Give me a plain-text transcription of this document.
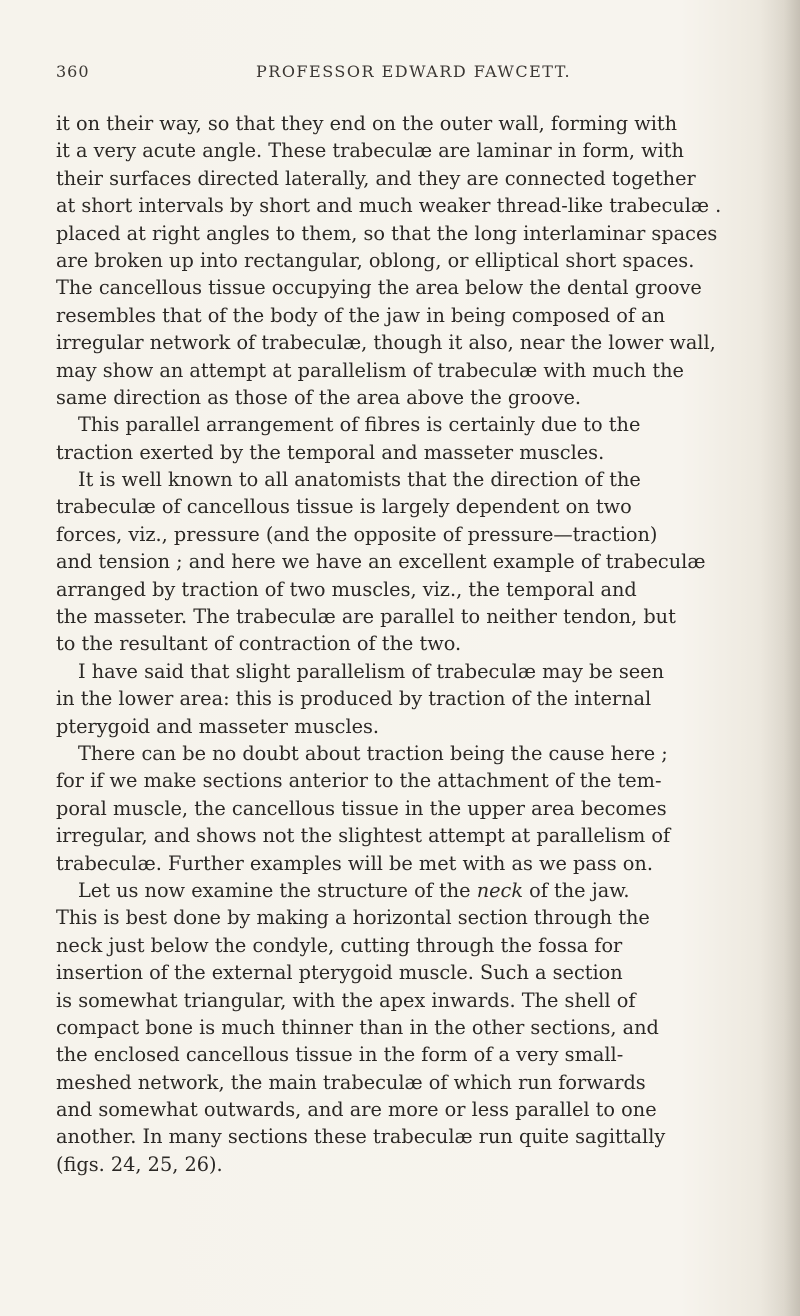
360	PROFESSOR EDWARD FAWCETT.
it on their way, so that they end on the outer wall, forming with
it a very acute angle. These trabeculæ are laminar in form, with
their surfaces directed laterally, and they are connected together
at short intervals by short and much weaker thread-like trabeculæ .
placed at right angles to them, so that the long interlaminar spaces
are broken up into rectangular, oblong, or elliptical short spaces.
The cancellous tissue occupying the area below the dental groove
resembles that of the body of the jaw in being composed of an
irregular network of trabeculæ, though it also, near the lower wall,
may show an attempt at parallelism of trabeculæ with much the
same direction as those of the area above the groove.
This parallel arrangement of fibres is certainly due to the
traction exerted by the temporal and masseter muscles.
It is well known to all anatomists that the direction of the
trabeculæ of cancellous tissue is largely dependent on two
forces, viz., pressure (and the opposite of pressure—traction)
and tension ; and here we have an excellent example of trabeculæ
arranged by traction of two muscles, viz., the temporal and
the masseter. The trabeculæ are parallel to neither tendon, but
to the resultant of contraction of the two.
I have said that slight parallelism of trabeculæ may be seen
in the lower area: this is produced by traction of the internal
pterygoid and masseter muscles.
There can be no doubt about traction being the cause here ;
for if we make sections anterior to the attachment of the tem-
poral muscle, the cancellous tissue in the upper area becomes
irregular, and shows not the slightest attempt at parallelism of
trabeculæ. Further examples will be met with as we pass on.
Let us now examine the structure of the neck of the jaw.
This is best done by making a horizontal section through the
neck just below the condyle, cutting through the fossa for
insertion of the external pterygoid muscle. Such a section
is somewhat triangular, with the apex inwards. The shell of
compact bone is much thinner than in the other sections, and
the enclosed cancellous tissue in the form of a very small-
meshed network, the main trabeculæ of which run forwards
and somewhat outwards, and are more or less parallel to one
another. In many sections these trabeculæ run quite sagittally
(figs. 24, 25, 26).
